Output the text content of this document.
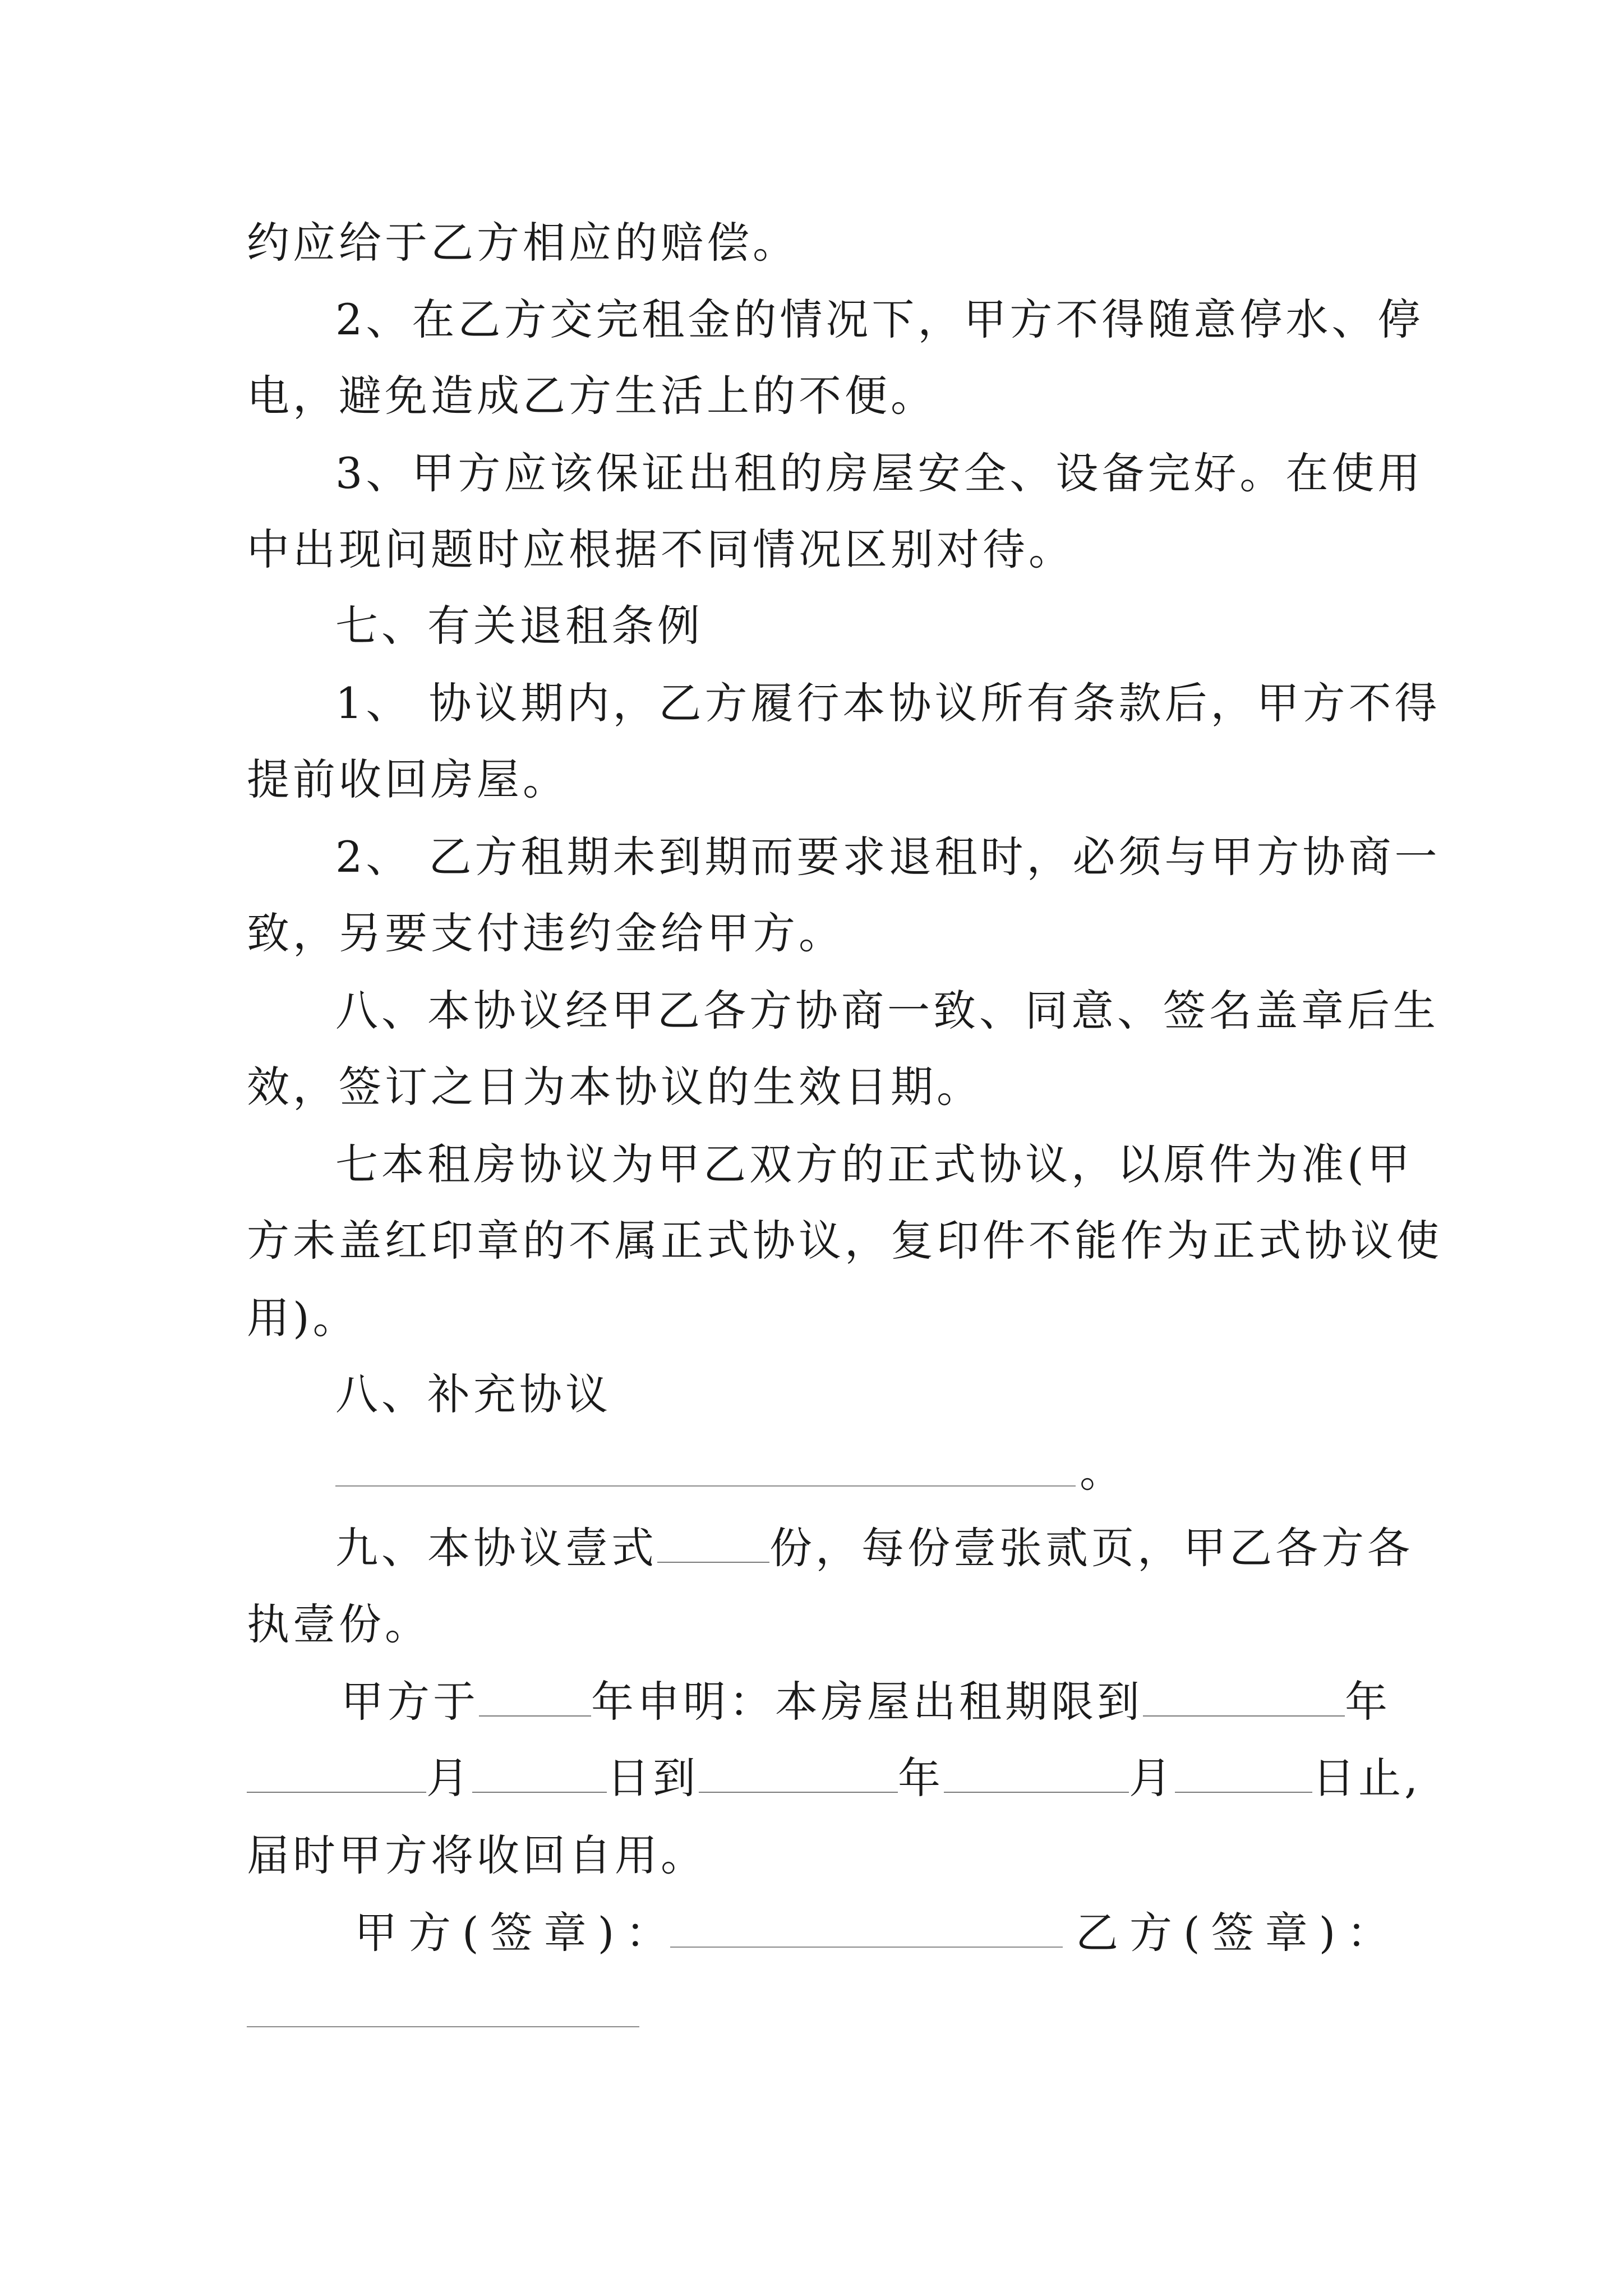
约应给于乙方相应的赔偿。
2、在乙方交完租金的情况下，甲方不得随意停水、停
电，避免造成乙方生活上的不便。
3、甲方应该保证出租的房屋安全、设备完好。在使用
中出现问题时应根据不同情况区别对待。
七、有关退租条例
1、 协议期内，乙方履行本协议所有条款后，甲方不得
提前收回房屋。
2、 乙方租期未到期而要求退租时，必须与甲方协商一
致，另要支付违约金给甲方。
八、本协议经甲乙各方协商一致、同意、签名盖章后生
效，签订之日为本协议的生效日期。
七本租房协议为甲乙双方的正式协议，以原件为准(甲
方未盖红印章的不属正式协议，复印件不能作为正式协议使
用)。
八、补充协议
。
九、本协议壹式	份，每份壹张贰页，甲乙各方各
执壹份。
甲方于	年申明：本房屋出租期限到	年
月	日到	年	月	日止,
届时甲方将收回自用。
甲方(签章)：	乙方(签章)：
